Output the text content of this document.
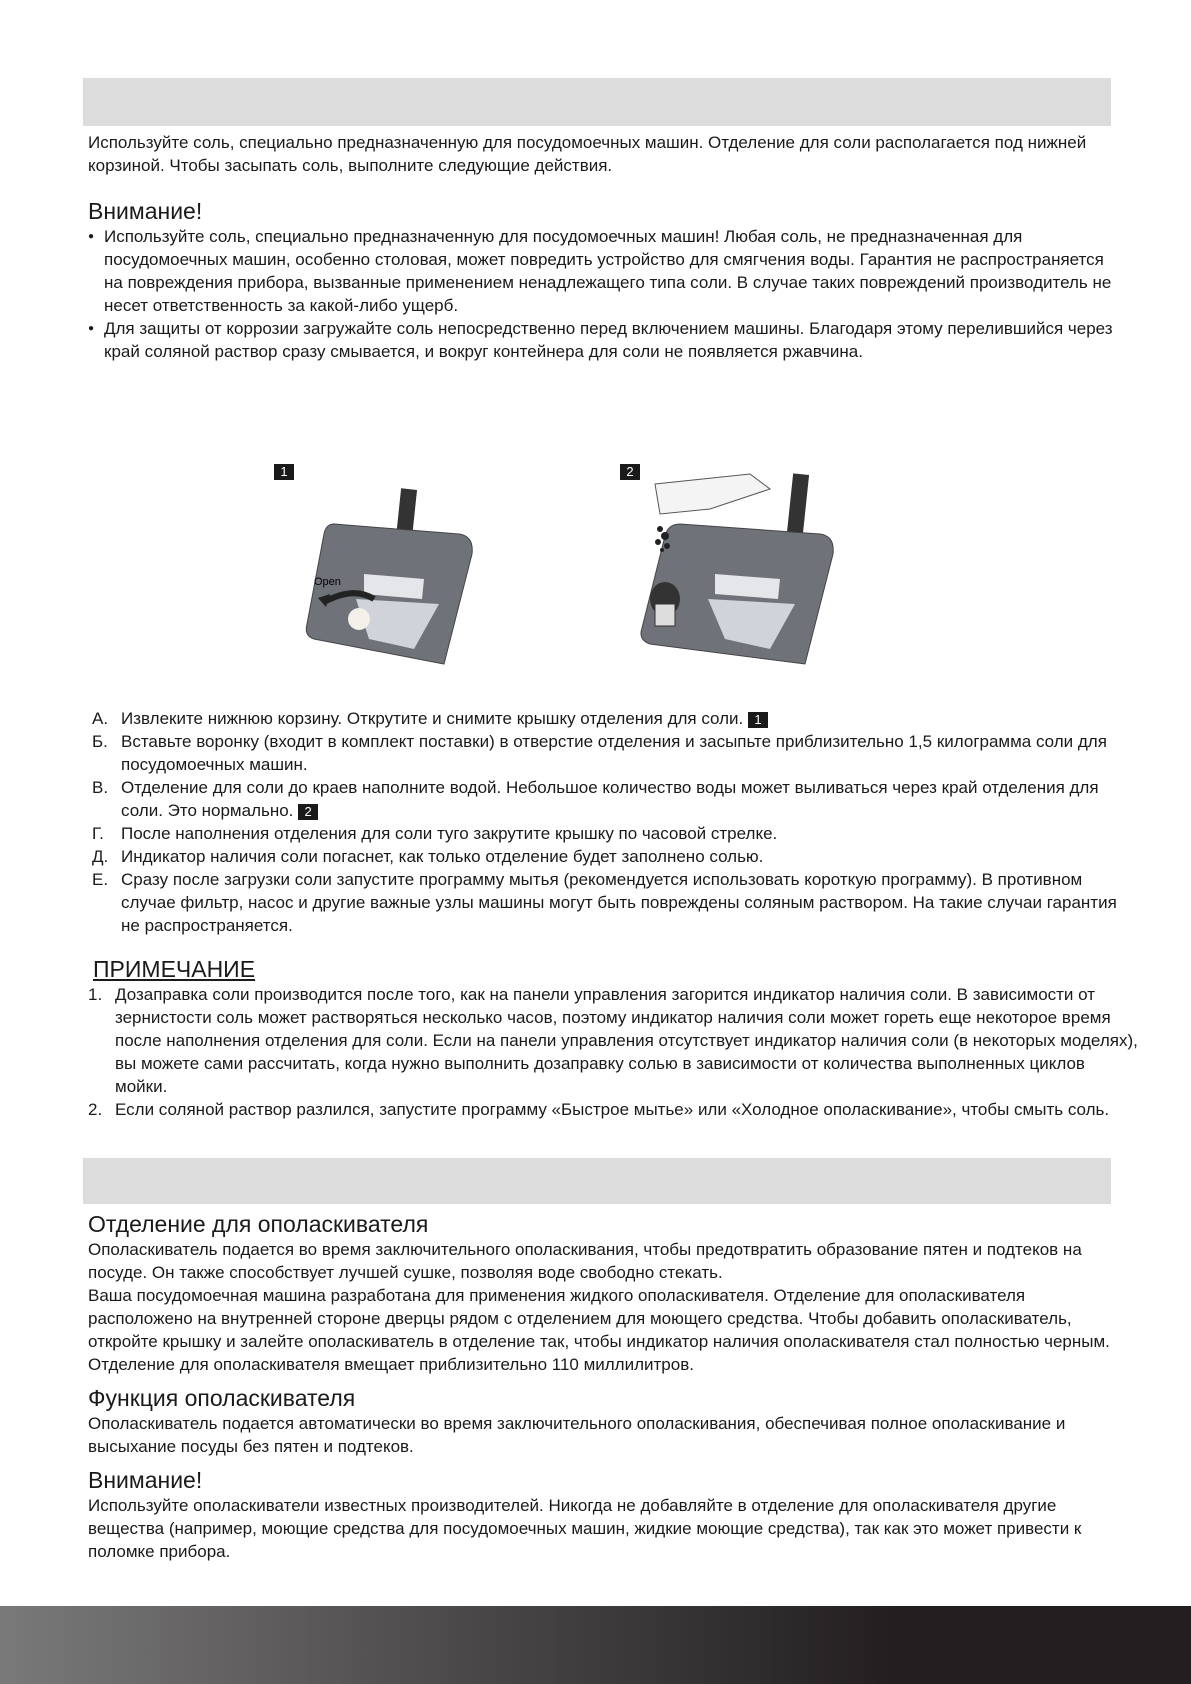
Используйте соль, специально предназначенную для посудомоечных машин. Отделение для соли располагается под нижней корзиной. Чтобы засыпать соль, выполните следующие действия.

Внимание!
● Используйте соль, специально предназначенную для посудомоечных машин! Любая соль, не предназначенная для посудомоечных машин, особенно столовая, может повредить устройство для смягчения воды. Гарантия не распространяется на повреждения прибора, вызванные применением ненадлежащего типа соли. В случае таких повреждений производитель не несет ответственность за какой-либо ущерб.
● Для защиты от коррозии загружайте соль непосредственно перед включением машины. Благодаря этому перелившийся через край соляной раствор сразу смывается, и вокруг контейнера для соли не появляется ржавчина.
1
Open
2
А. Извлеките нижнюю корзину. Открутите и снимите крышку отделения для соли. 1
Б. Вставьте воронку (входит в комплект поставки) в отверстие отделения и засыпьте приблизительно 1,5 килограмма соли для посудомоечных машин.
В. Отделение для соли до краев наполните водой. Небольшое количество воды может выливаться через край отделения для соли. Это нормально. 2
Г. После наполнения отделения для соли туго закрутите крышку по часовой стрелке.
Д. Индикатор наличия соли погаснет, как только отделение будет заполнено солью.
Е. Сразу после загрузки соли запустите программу мытья (рекомендуется использовать короткую программу). В противном случае фильтр, насос и другие важные узлы машины могут быть повреждены соляным раствором. На такие случаи гарантия не распространяется.
ПРИМЕЧАНИЕ
1. Дозаправка соли производится после того, как на панели управления загорится индикатор наличия соли. В зависимости от зернистости соль может растворяться несколько часов, поэтому индикатор наличия соли может гореть еще некоторое время после наполнения отделения для соли. Если на панели управления отсутствует индикатор наличия соли (в некоторых моделях), вы можете сами рассчитать, когда нужно выполнить дозаправку солью в зависимости от количества выполненных циклов мойки.
2. Если соляной раствор разлился, запустите программу «Быстрое мытье» или «Холодное ополаскивание», чтобы смыть соль.
Отделение для ополаскивателя

Ополаскиватель подается во время заключительного ополаскивания, чтобы предотвратить образование пятен и подтеков на посуде. Он также способствует лучшей сушке, позволяя воде свободно стекать.

Ваша посудомоечная машина разработана для применения жидкого ополаскивателя. Отделение для ополаскивателя расположено на внутренней стороне дверцы рядом с отделением для моющего средства. Чтобы добавить ополаскиватель, откройте крышку и залейте ополаскиватель в отделение так, чтобы индикатор наличия ополаскивателя стал полностью черным. Отделение для ополаскивателя вмещает приблизительно 110 миллилитров.

Функция ополаскивателя

Ополаскиватель подается автоматически во время заключительного ополаскивания, обеспечивая полное ополаскивание и высыхание посуды без пятен и подтеков.

Внимание!

Используйте ополаскиватели известных производителей. Никогда не добавляйте в отделение для ополаскивателя другие вещества (например, моющие средства для посудомоечных машин, жидкие моющие средства), так как это может привести к поломке прибора.
